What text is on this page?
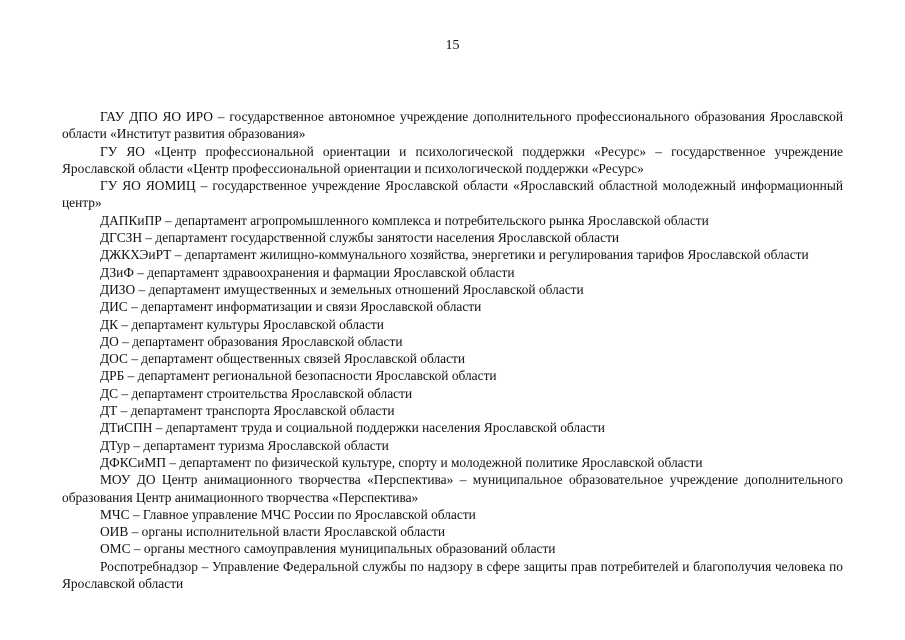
15

ГАУ ДПО ЯО ИРО – государственное автономное учреждение дополнительного профессионального образования Ярославской области «Институт развития образования»

ГУ ЯО «Центр профессиональной ориентации и психологической поддержки «Ресурс» – государственное учреждение Ярославской области «Центр профессиональной ориентации и психологической поддержки «Ресурс»

ГУ ЯО ЯОМИЦ – государственное учреждение Ярославской области «Ярославский областной молодежный информационный центр»

ДАПКиПР – департамент агропромышленного комплекса и потребительского рынка Ярославской области

ДГСЗН – департамент государственной службы занятости населения Ярославской области

ДЖКХЭиРТ – департамент жилищно-коммунального хозяйства, энергетики и регулирования тарифов Ярославской области

ДЗиФ – департамент здравоохранения и фармации Ярославской области

ДИЗО – департамент имущественных и земельных отношений Ярославской области

ДИС – департамент информатизации и связи Ярославской области

ДК – департамент культуры Ярославской области

ДО – департамент образования Ярославской области

ДОС – департамент общественных связей Ярославской области

ДРБ – департамент региональной безопасности Ярославской области

ДС – департамент строительства Ярославской области

ДТ – департамент транспорта Ярославской области

ДТиСПН – департамент труда и социальной поддержки населения Ярославской области

ДТур – департамент туризма Ярославской области

ДФКСиМП – департамент по физической культуре, спорту и молодежной политике Ярославской области

МОУ ДО Центр анимационного творчества «Перспектива» – муниципальное образовательное учреждение дополнительного образования Центр анимационного творчества «Перспектива»

МЧС – Главное управление МЧС России по Ярославской области

ОИВ – органы исполнительной власти Ярославской области

ОМС – органы местного самоуправления муниципальных образований области

Роспотребнадзор – Управление Федеральной службы по надзору в сфере защиты прав потребителей и благополучия человека по Ярославской области
